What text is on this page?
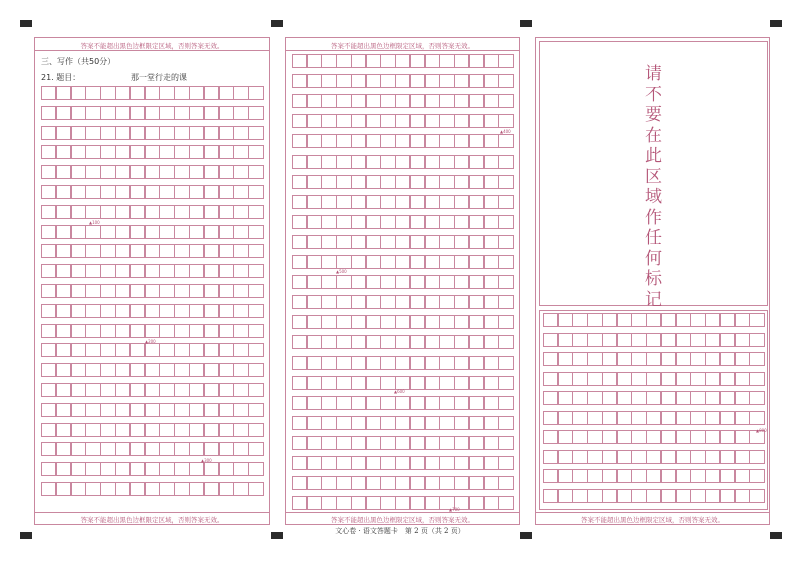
答案不能超出黑色边框限定区域，否则答案无效。
三、写作（共50分）
21. 题目：	那一堂行走的课
▲100
▲200
▲300
答案不能超出黑色边框限定区域，否则答案无效。
答案不能超出黑色边框限定区域，否则答案无效。
▲400
▲500
▲600
▲700
答案不能超出黑色边框限定区域，否则答案无效。
请
不
要
在
此
区
域
作
任
何
标
记
▲800
答案不能超出黑色边框限定区域，否则答案无效。
文心卷 · 语文答题卡　第 2 页（共 2 页）
